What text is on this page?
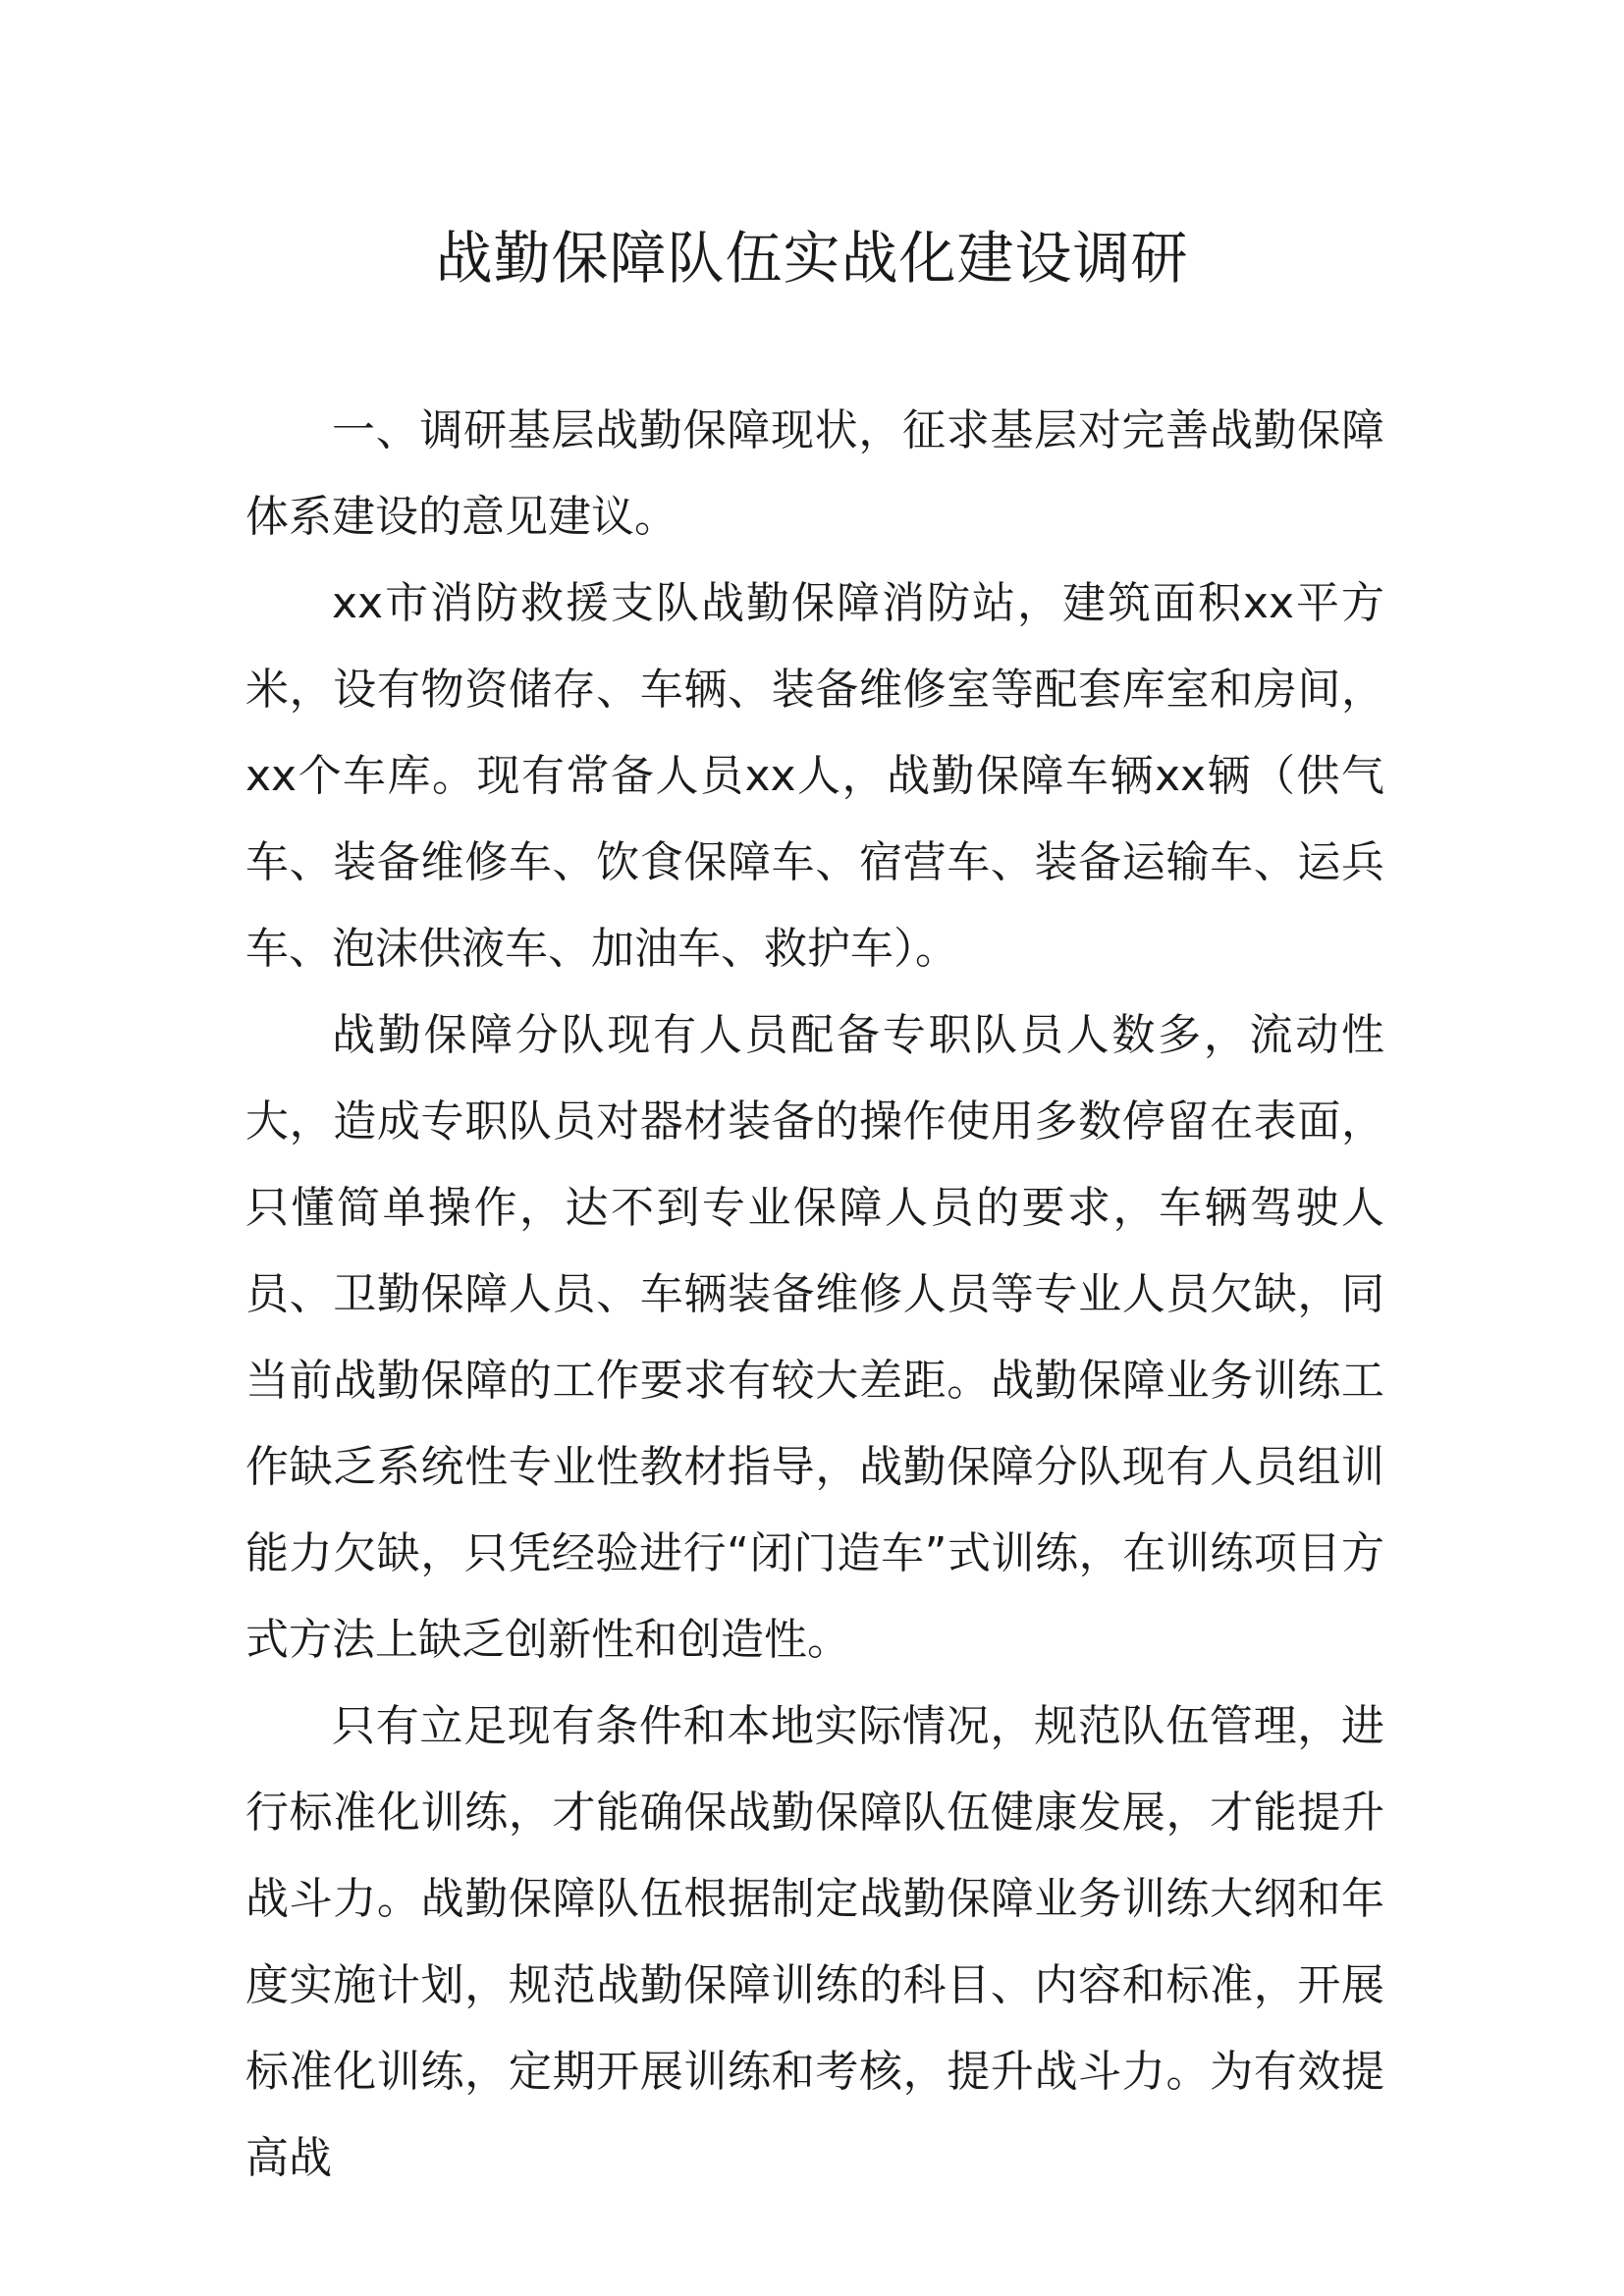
战勤保障队伍实战化建设调研

一、调研基层战勤保障现状，征求基层对完善战勤保障体系建设的意见建议。

xx市消防救援支队战勤保障消防站，建筑面积xx平方米，设有物资储存、车辆、装备维修室等配套库室和房间，xx个车库。现有常备人员xx人，战勤保障车辆xx辆（供气车、装备维修车、饮食保障车、宿营车、装备运输车、运兵车、泡沫供液车、加油车、救护车）。

战勤保障分队现有人员配备专职队员人数多，流动性大，造成专职队员对器材装备的操作使用多数停留在表面，只懂简单操作，达不到专业保障人员的要求，车辆驾驶人员、卫勤保障人员、车辆装备维修人员等专业人员欠缺，同当前战勤保障的工作要求有较大差距。战勤保障业务训练工作缺乏系统性专业性教材指导，战勤保障分队现有人员组训能力欠缺，只凭经验进行“闭门造车”式训练，在训练项目方式方法上缺乏创新性和创造性。

只有立足现有条件和本地实际情况，规范队伍管理，进行标准化训练，才能确保战勤保障队伍健康发展，才能提升战斗力。战勤保障队伍根据制定战勤保障业务训练大纲和年度实施计划，规范战勤保障训练的科目、内容和标准，开展标准化训练，定期开展训练和考核，提升战斗力。为有效提高战
